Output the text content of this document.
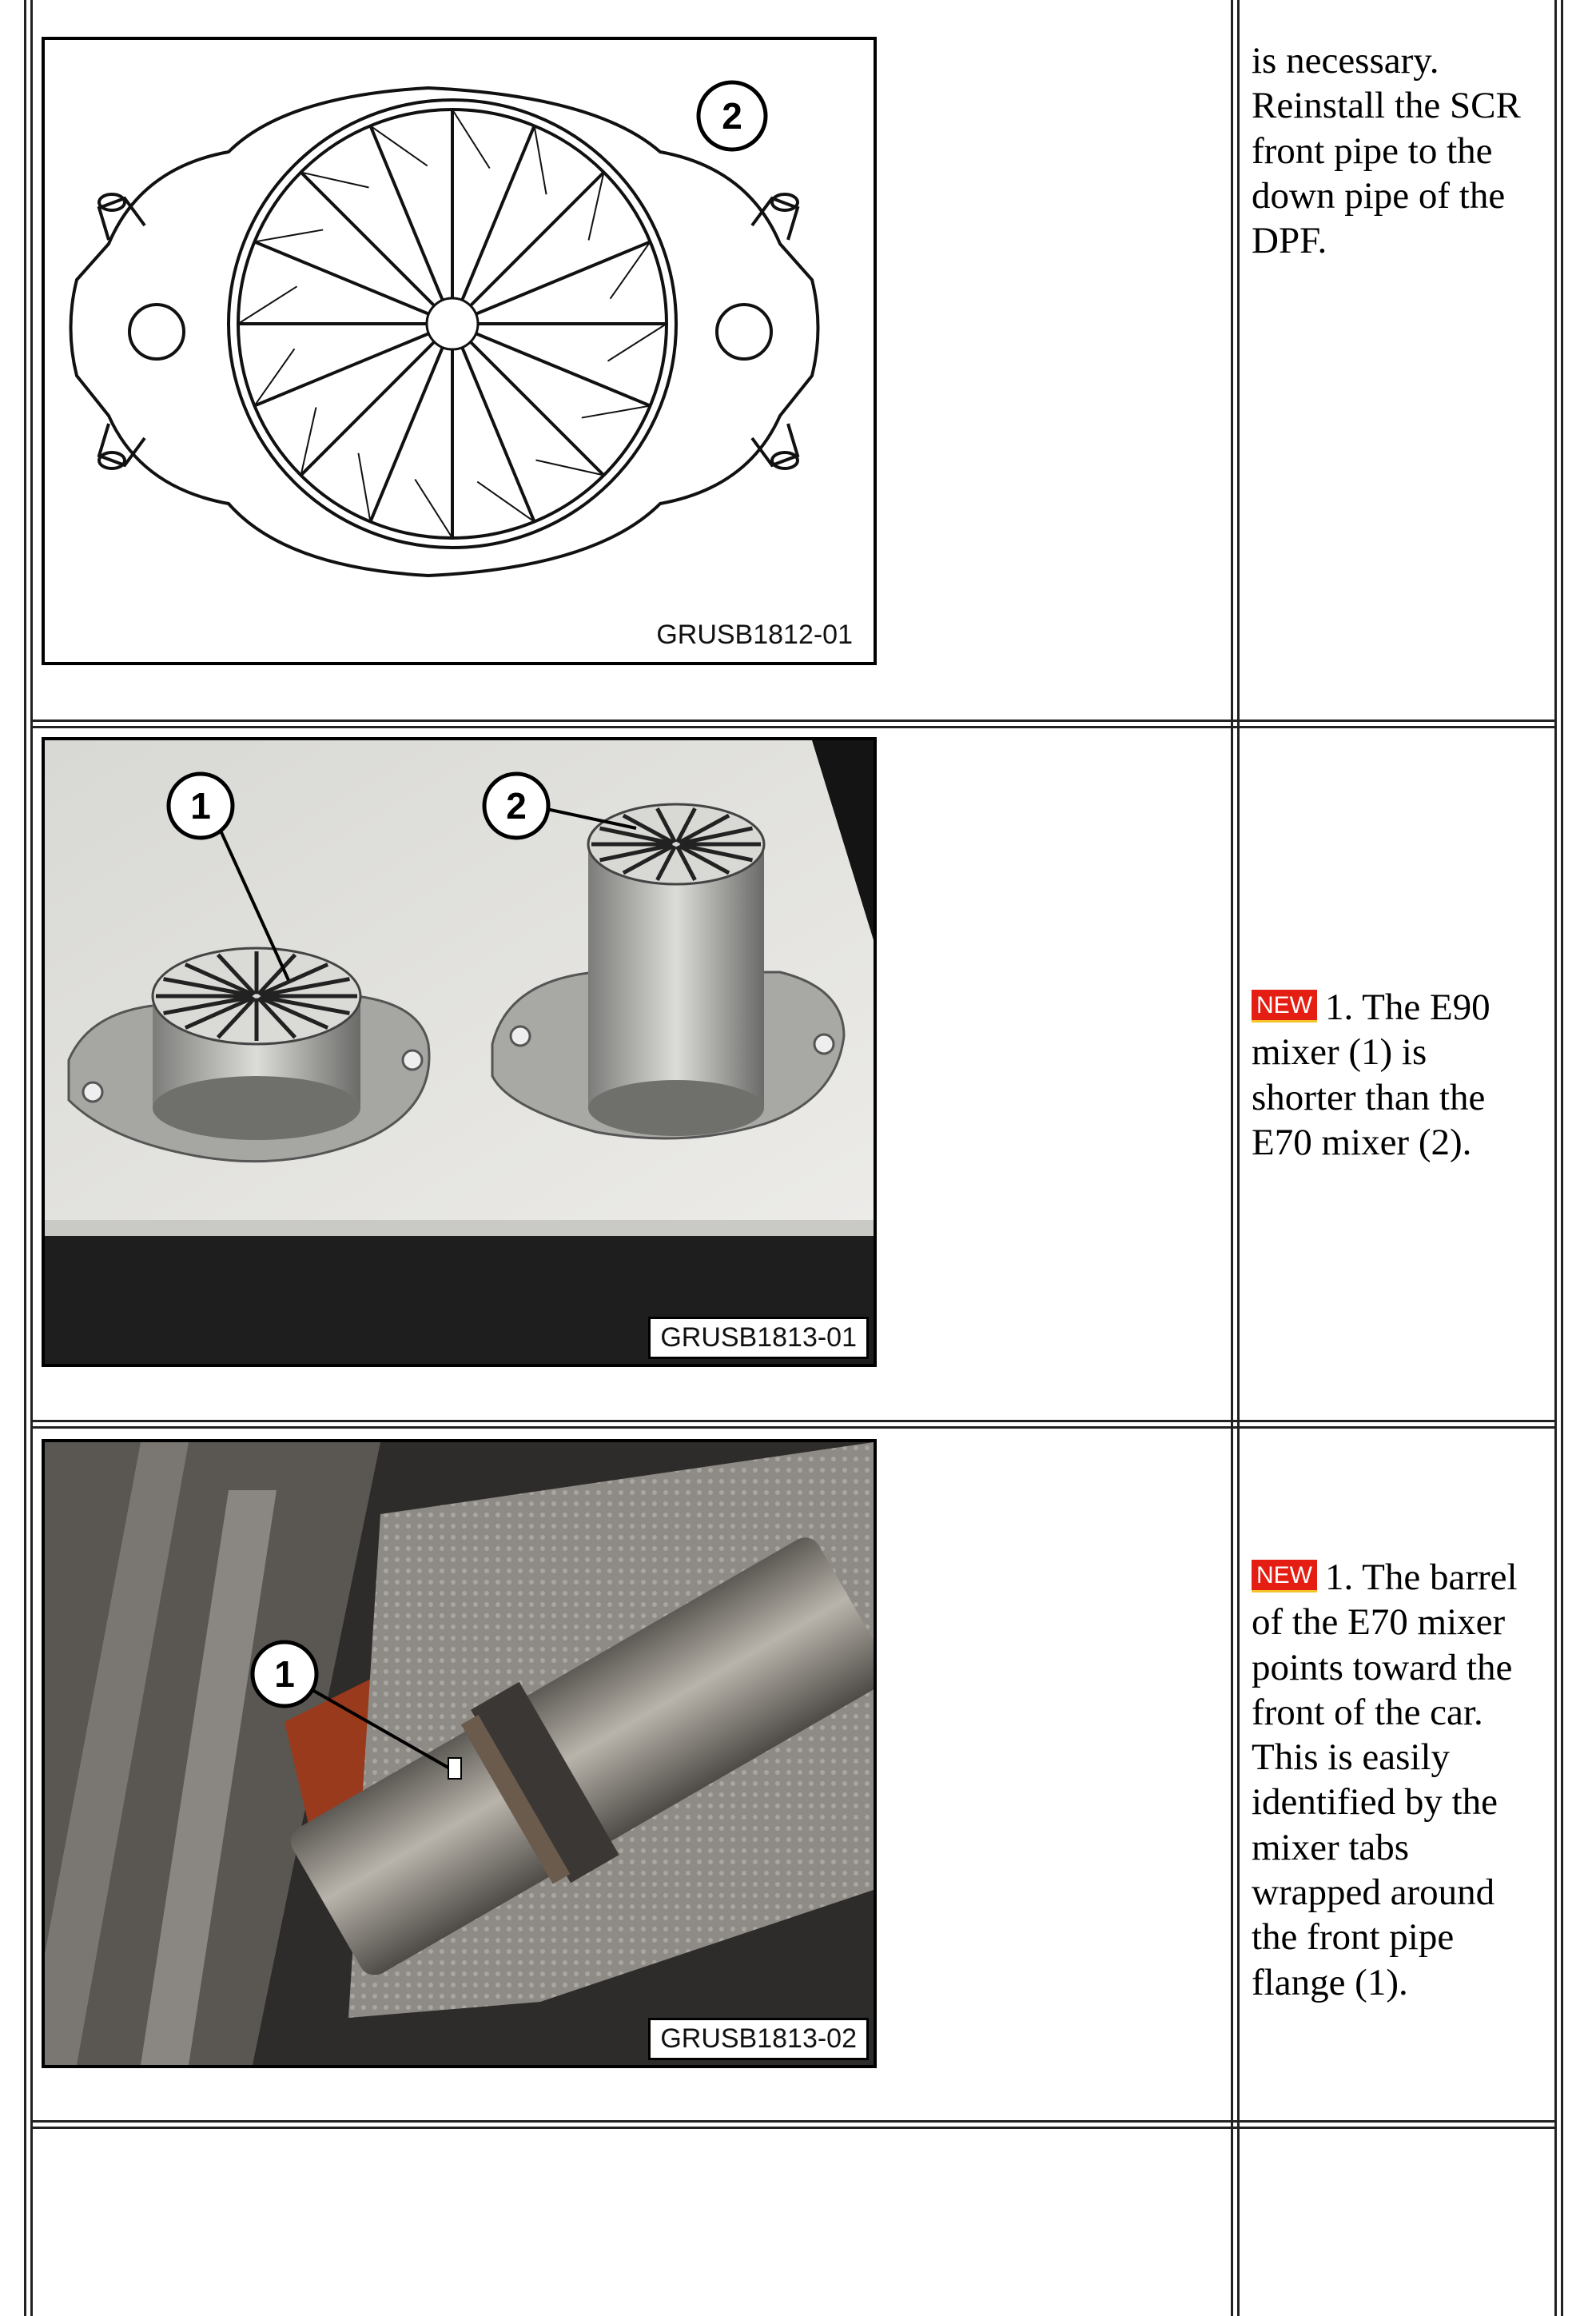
2
GRUSB1812-01
is necessary.
Reinstall the SCR
front pipe to the
down pipe of the
DPF.
1	2
GRUSB1813-01
NEW 1. The E90
mixer (1) is
shorter than the
E70 mixer (2).
1
GRUSB1813-02
NEW 1. The barrel
of the E70 mixer
points toward the
front of the car.
This is easily
identified by the
mixer tabs
wrapped around
the front pipe
flange (1).
